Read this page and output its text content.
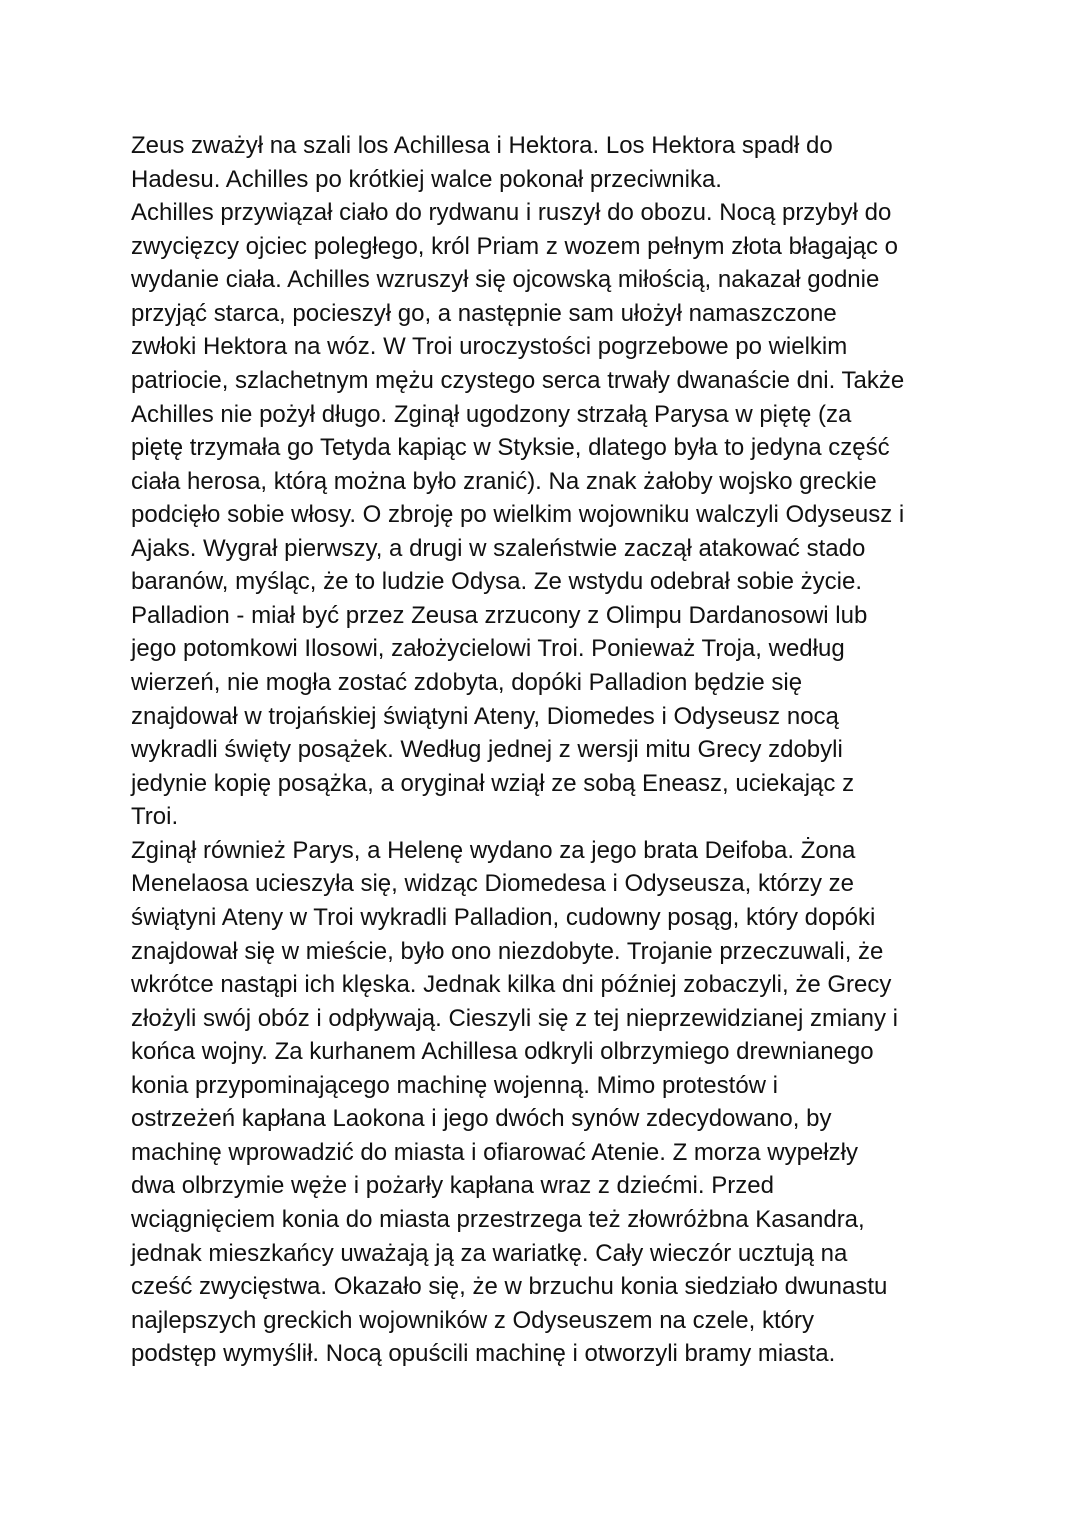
Zeus zważył na szali los Achillesa i Hektora. Los Hektora spadł do
Hadesu. Achilles po krótkiej walce pokonał przeciwnika.
Achilles przywiązał ciało do rydwanu i ruszył do obozu. Nocą przybył do
zwycięzcy ojciec poległego, król Priam z wozem pełnym złota błagając o
wydanie ciała. Achilles wzruszył się ojcowską miłością, nakazał godnie
przyjąć starca, pocieszył go, a następnie sam ułożył namaszczone
zwłoki Hektora na wóz. W Troi uroczystości pogrzebowe po wielkim
patriocie, szlachetnym mężu czystego serca trwały dwanaście dni. Także
Achilles nie pożył długo. Zginął ugodzony strzałą Parysa w piętę (za
piętę trzymała go Tetyda kapiąc w Styksie, dlatego była to jedyna część
ciała herosa, którą można było zranić). Na znak żałoby wojsko greckie
podcięło sobie włosy. O zbroję po wielkim wojowniku walczyli Odyseusz i
Ajaks. Wygrał pierwszy, a drugi w szaleństwie zaczął atakować stado
baranów, myśląc, że to ludzie Odysa. Ze wstydu odebrał sobie życie.
Palladion - miał być przez Zeusa zrzucony z Olimpu Dardanosowi lub
jego potomkowi Ilosowi, założycielowi Troi. Ponieważ Troja, według
wierzeń, nie mogła zostać zdobyta, dopóki Palladion będzie się
znajdował w trojańskiej świątyni Ateny, Diomedes i Odyseusz nocą
wykradli święty posążek. Według jednej z wersji mitu Grecy zdobyli
jedynie kopię posążka, a oryginał wziął ze sobą Eneasz, uciekając z
Troi.
Zginął również Parys, a Helenę wydano za jego brata Deifoba. Żona
Menelaosa ucieszyła się, widząc Diomedesa i Odyseusza, którzy ze
świątyni Ateny w Troi wykradli Palladion, cudowny posąg, który dopóki
znajdował się w mieście, było ono niezdobyte. Trojanie przeczuwali, że
wkrótce nastąpi ich klęska. Jednak kilka dni później zobaczyli, że Grecy
złożyli swój obóz i odpływają. Cieszyli się z tej nieprzewidzianej zmiany i
końca wojny. Za kurhanem Achillesa odkryli olbrzymiego drewnianego
konia przypominającego machinę wojenną. Mimo protestów i
ostrzeżeń kapłana Laokona i jego dwóch synów zdecydowano, by
machinę wprowadzić do miasta i ofiarować Atenie. Z morza wypełzły
dwa olbrzymie węże i pożarły kapłana wraz z dziećmi. Przed
wciągnięciem konia do miasta przestrzega też złowróżbna Kasandra,
jednak mieszkańcy uważają ją za wariatkę. Cały wieczór ucztują na
cześć zwycięstwa. Okazało się, że w brzuchu konia siedziało dwunastu
najlepszych greckich wojowników z Odyseuszem na czele, który
podstęp wymyślił. Nocą opuścili machinę i otworzyli bramy miasta.
